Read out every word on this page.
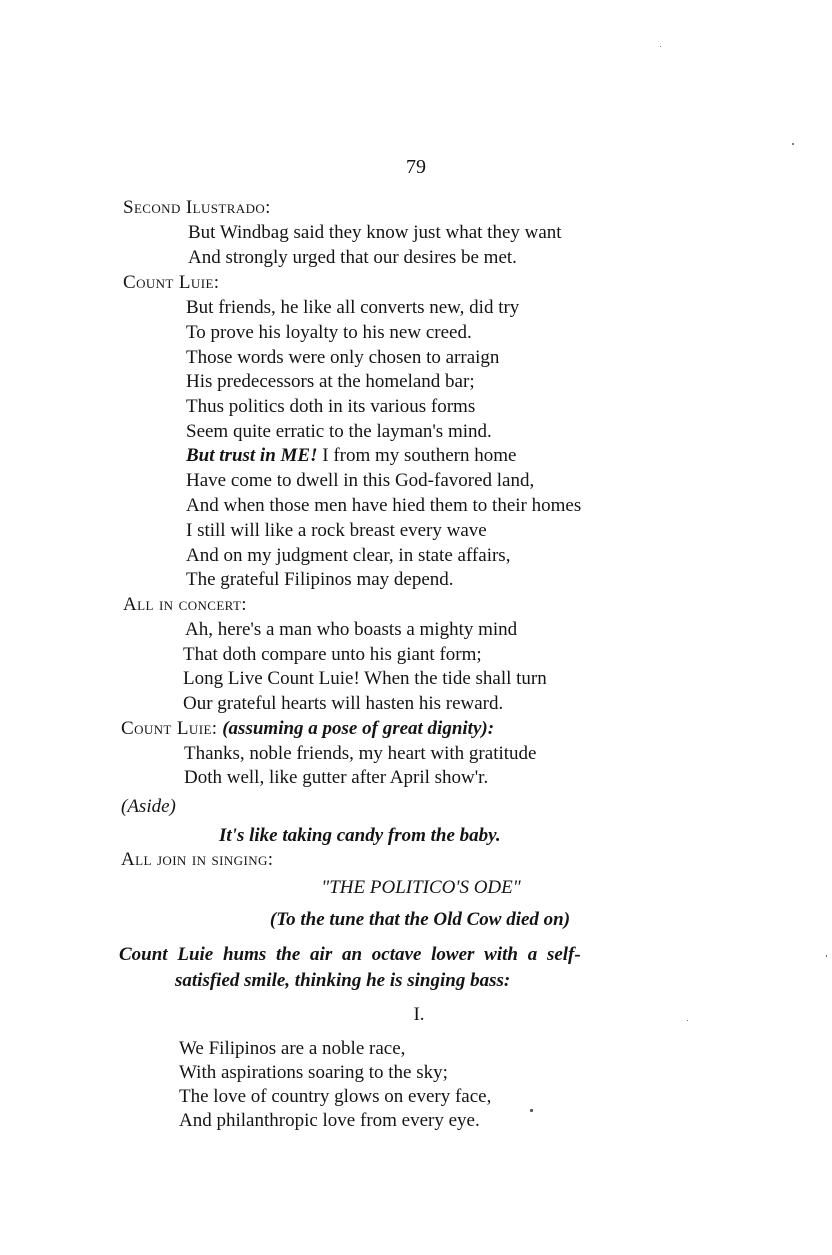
79
Second Ilustrado:
But Windbag said they know just what they want
And strongly urged that our desires be met.
Count Luie:
But friends, he like all converts new, did try
To prove his loyalty to his new creed.
Those words were only chosen to arraign
His predecessors at the homeland bar;
Thus politics doth in its various forms
Seem quite erratic to the layman's mind.
But trust in ME! I from my southern home
Have come to dwell in this God-favored land,
And when those men have hied them to their homes
I still will like a rock breast every wave
And on my judgment clear, in state affairs,
The grateful Filipinos may depend.
All in concert:
Ah, here's a man who boasts a mighty mind
That doth compare unto his giant form;
Long Live Count Luie! When the tide shall turn
Our grateful hearts will hasten his reward.
Count Luie: (assuming a pose of great dignity):
Thanks, noble friends, my heart with gratitude
Doth well, like gutter after April show'r.
(Aside)
It's like taking candy from the baby.
All join in singing:
"THE POLITICO'S ODE"
(To the tune that the Old Cow died on)
Count Luie hums the air an octave lower with a self-
satisfied smile, thinking he is singing bass:
I.
We Filipinos are a noble race,
With aspirations soaring to the sky;
The love of country glows on every face,
And philanthropic love from every eye.
